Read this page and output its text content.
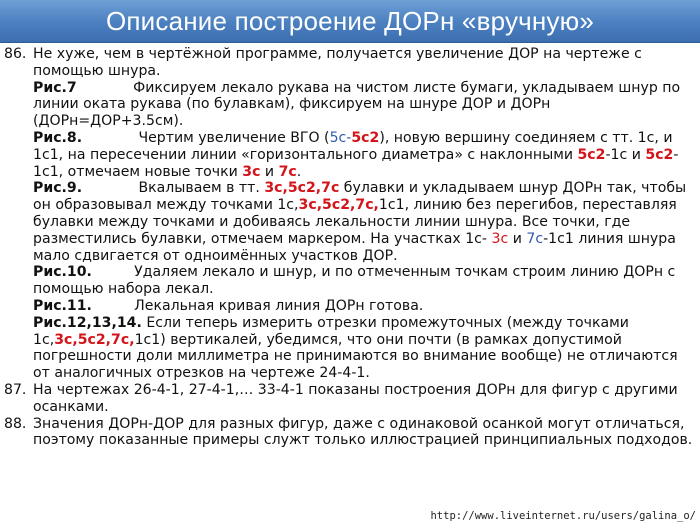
Описание построение ДОРн «вручную»
86. Не хуже, чем в чертёжной программе, получается увеличение ДОР на чертеже с помощью шнура.
Рис.7    	Фиксируем лекало рукава на чистом листе бумаги, укладываем шнур по линии оката рукава (по булавкам), фиксируем на шнуре ДОР и ДОРн (ДОРн=ДОР+3.5см).
Рис.8.    	Чертим увеличение ВГО (5с-5с2), новую вершину соединяем с тт. 1с, и 1с1, на пересечении линии «горизонтального диаметра» с наклонными 5с2-1с и 5с2-1с1, отмечаем новые точки 3с и 7с.
Рис.9.    	Вкалываем в тт. 3с,5с2,7с булавки и укладываем шнур ДОРн так, чтобы он образовывал между точками 1с,3с,5с2,7с,1с1, линию без перегибов, переставляя булавки между точками и добиваясь лекальности линии шнура. Все точки, где разместились булавки, отмечаем маркером. На участках 1с- 3с и 7с-1с1 линия шнура мало сдвигается от одноимённых участков ДОР.
Рис.10.   	Удаляем лекало и шнур, и по отмеченным точкам строим линию ДОРн с помощью набора лекал.
Рис.11.   	Лекальная кривая линия ДОРн готова.
Рис.12,13,14. Если теперь измерить отрезки промежуточных (между точками 1с,3с,5с2,7с,1с1) вертикалей, убедимся, что они почти (в рамках допустимой погрешности доли миллиметра не принимаются во внимание вообще) не отличаются от аналогичных отрезков на чертеже 24-4-1.
87. На чертежах 26-4-1, 27-4-1,… 33-4-1 показаны построения ДОРн для фигур с другими осанками.
88. Значения ДОРн-ДОР для разных фигур, даже с одинаковой осанкой могут отличаться, поэтому показанные примеры служт только иллюстрацией принципиальных подходов.
http://www.liveinternet.ru/users/galina_o/
